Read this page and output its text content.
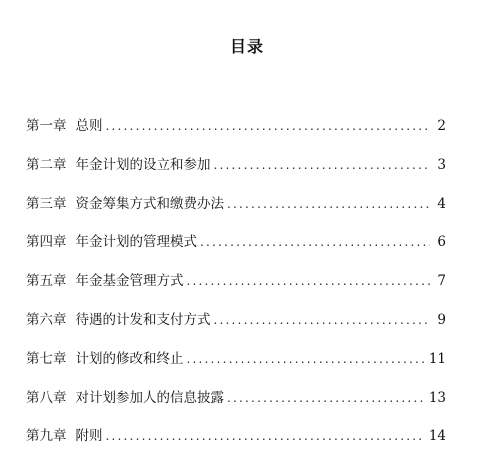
目录
第一章 总则 .....	2
第二章 年金计划的设立和参加 .....	3
第三章 资金筹集方式和缴费办法 .....	4
第四章 年金计划的管理模式 .....	6
第五章 年金基金管理方式 .....	7
第六章 待遇的计发和支付方式 .....	9
第七章 计划的修改和终止 .....	11
第八章 对计划参加人的信息披露 .....	13
第九章 附则 .....	14
